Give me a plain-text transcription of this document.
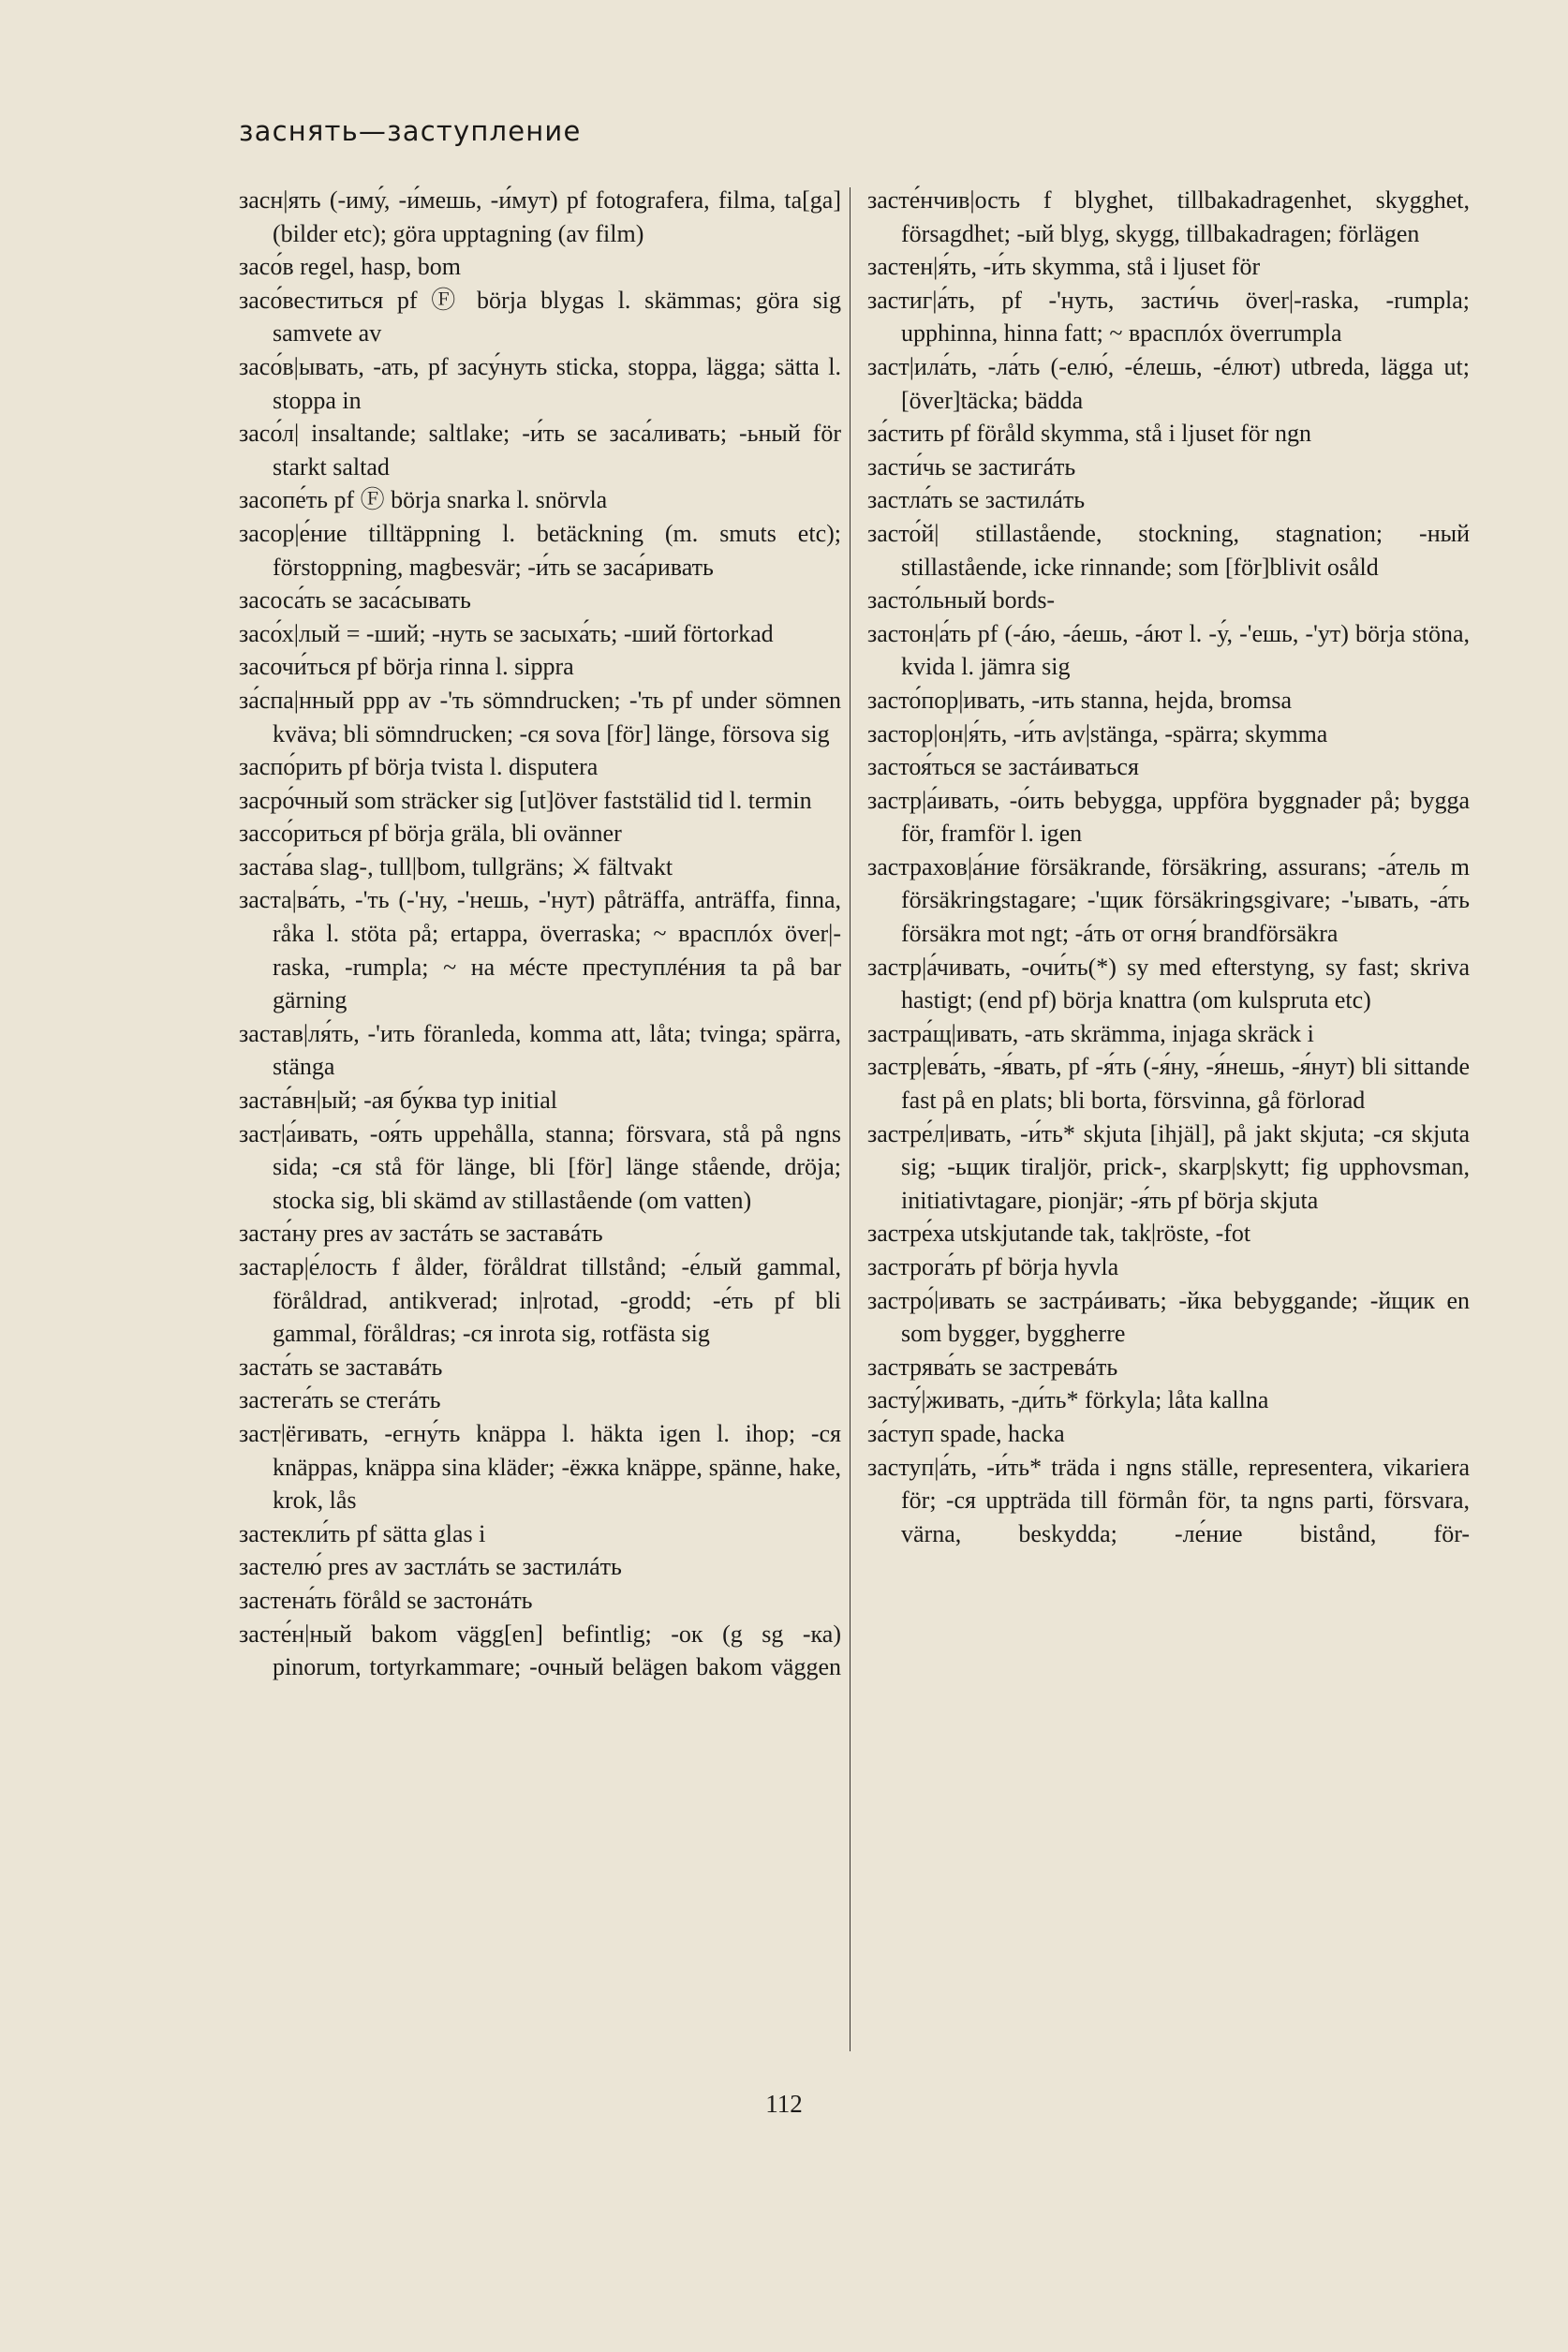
заснять—заступление
засн|ять (-иму́, -и́мешь, -и́мут) pf fotografera, filma, ta[ga] (bilder etc); göra upptagning (av film)
засо́в regel, hasp, bom
засо́веститься pf Ⓕ börja blygas l. skämmas; göra sig samvete av
засо́в|ывать, -ать, pf засу́нуть sticka, stoppa, lägga; sätta l. stoppa in
засо́л| insaltande; saltlake; -и́ть se заса́ливать; -ьный för starkt saltad
засопе́ть pf Ⓕ börja snarka l. snörvla
засор|е́ние tilltäppning l. betäckning (m. smuts etc); förstoppning, magbesvär; -и́ть se заса́ривать
засоса́ть se заса́сывать
засо́х|лый = -ший; -нуть se засыха́ть; -ший förtorkad
засочи́ться pf börja rinna l. sippra
за́спа|нный ppp av -'ть sömndrucken; -'ть pf under sömnen kväva; bli sömndrucken; -ся sova [för] länge, försova sig
заспо́рить pf börja tvista l. disputera
засро́чный som sträcker sig [ut]över faststälid tid l. termin
зассо́риться pf börja gräla, bli ovänner
заста́ва slag-, tull|bom, tullgräns; ⚔ fältvakt
заста|ва́ть, -'ть (-'ну, -'нешь, -'нут) påträffa, anträffa, finna, råka l. stöta på; ertappa, överraska; ~ врасплóх över|-raska, -rumpla; ~ на мéсте преступлéния ta på bar gärning
застав|ля́ть, -'ить föranleda, komma att, låta; tvinga; spärra, stänga
заста́вн|ый; -ая бу́ква typ initial
заст|а́ивать, -оя́ть uppehålla, stanna; försvara, stå på ngns sida; -ся stå för länge, bli [för] länge stående, dröja; stocka sig, bli skämd av stillastående (om vatten)
заста́ну pres av застáть se заставáть
застар|е́лость f ålder, föråldrat tillstånd; -е́лый gammal, föråldrad, antikverad; in|rotad, -grodd; -е́ть pf bli gammal, föråldras; -ся inrota sig, rotfästa sig
заста́ть se заставáть
застега́ть se стегáть
заст|ёгивать, -егну́ть knäppa l. häkta igen l. ihop; -ся knäppas, knäppa sina kläder; -ёжка knäppe, spänne, hake, krok, lås
застекли́ть pf sätta glas i
застелю́ pres av застлáть se застилáть
застена́ть föråld se застонáть
засте́н|ный bakom vägg[en] befintlig; -ок (g sg -ка) pinorum, tortyrkammare; -очный belägen bakom väggen
засте́нчив|ость f blyghet, tillbakadragenhet, skygghet, försagdhet; -ый blyg, skygg, tillbakadragen; förlägen
застен|я́ть, -и́ть skymma, stå i ljuset för
застиг|а́ть, pf -'нуть, засти́чь över|-raska, -rumpla; upphinna, hinna fatt; ~ врасплóх överrumpla
заст|ила́ть, -ла́ть (-елю́, -éлешь, -éлют) utbreda, lägga ut; [över]täcka; bädda
за́стить pf föråld skymma, stå i ljuset för ngn
засти́чь se застигáть
застла́ть se застилáть
засто́й| stillastående, stockning, stagnation; -ный stillastående, icke rinnande; som [för]blivit osåld
засто́льный bords-
застон|а́ть pf (-áю, -áешь, -áют l. -у́, -'ешь, -'ут) börja stöna, kvida l. jämra sig
засто́пор|ивать, -ить stanna, hejda, bromsa
застор|он|я́ть, -и́ть av|stänga, -spärra; skymma
застоя́ться se застáиваться
застр|а́ивать, -о́ить bebygga, uppföra byggnader på; bygga för, framför l. igen
застрахов|а́ние försäkrande, försäkring, assurans; -а́тель m försäkringstagare; -'щик försäkringsgivare; -'ывать, -а́ть försäkra mot ngt; -áть от огня́ brandförsäkra
застр|а́чивать, -очи́ть(*) sy med efterstyng, sy fast; skriva hastigt; (end pf) börja knattra (om kulspruta etc)
застра́щ|ивать, -ать skrämma, injaga skräck i
застр|ева́ть, -я́вать, pf -я́ть (-я́ну, -я́нешь, -я́нут) bli sittande fast på en plats; bli borta, försvinna, gå förlorad
застре́л|ивать, -и́ть* skjuta [ihjäl], på jakt skjuta; -ся skjuta sig; -ьщик tiraljör, prick-, skarp|skytt; fig upphovsman, initiativtagare, pionjär; -я́ть pf börja skjuta
застре́ха utskjutande tak, tak|röste, -fot
застрога́ть pf börja hyvla
застро́|ивать se застрáивать; -йка bebyggande; -йщик en som bygger, byggherre
застрява́ть se застревáть
засту́|живать, -ди́ть* förkyla; låta kallna
за́ступ spade, hacka
заступ|а́ть, -и́ть* träda i ngns ställe, representera, vikariera för; -ся uppträda till förmån för, ta ngns parti, försvara, värna, beskydda; -ле́ние bistånd, för-
112
